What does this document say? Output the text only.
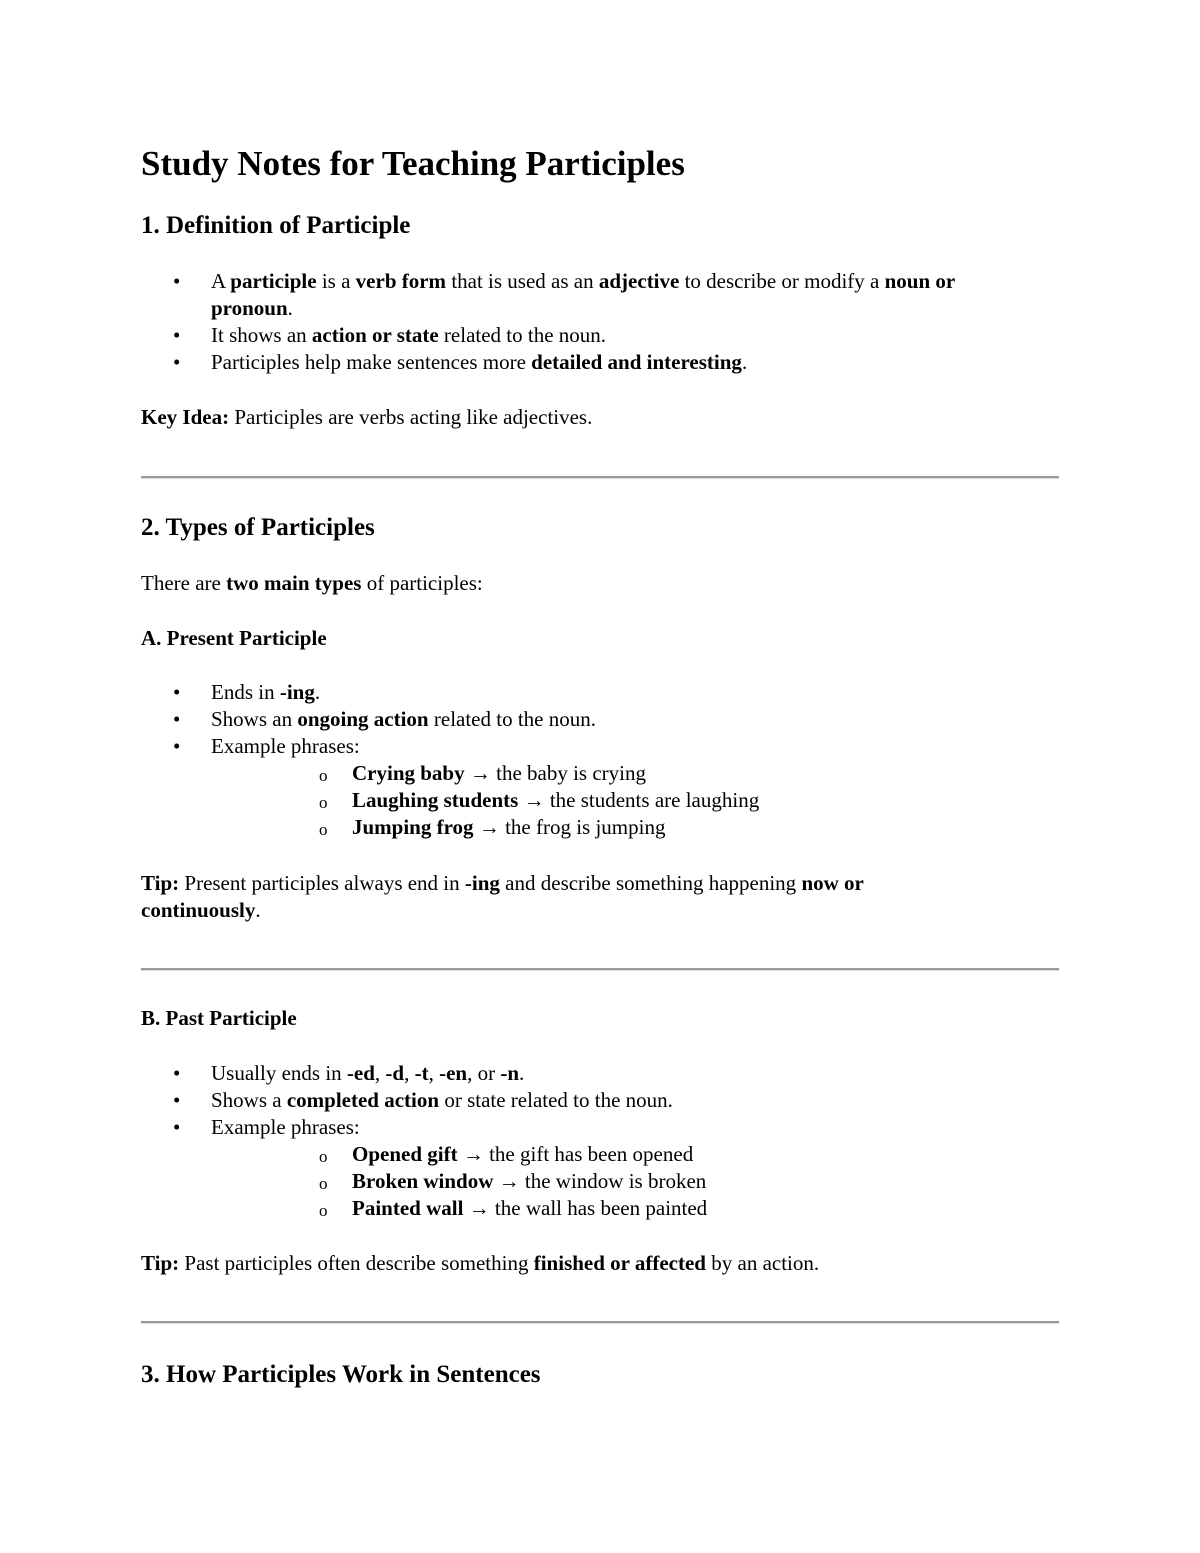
Study Notes for Teaching Participles
1. Definition of Participle
• A participle is a verb form that is used as an adjective to describe or modify a noun or
pronoun.
• It shows an action or state related to the noun.
• Participles help make sentences more detailed and interesting.

Key Idea: Participles are verbs acting like adjectives.

2. Types of Participles

There are two main types of participles:

A. Present Participle
• Ends in -ing.
• Shows an ongoing action related to the noun.
• Example phrases:
o Crying baby → the baby is crying
o Laughing students → the students are laughing
o Jumping frog → the frog is jumping

Tip: Present participles always end in -ing and describe something happening now or
continuously.

B. Past Participle
• Usually ends in -ed, -d, -t, -en, or -n.
• Shows a completed action or state related to the noun.
• Example phrases:
o Opened gift → the gift has been opened
o Broken window → the window is broken
o Painted wall → the wall has been painted

Tip: Past participles often describe something finished or affected by an action.

3. How Participles Work in Sentences
